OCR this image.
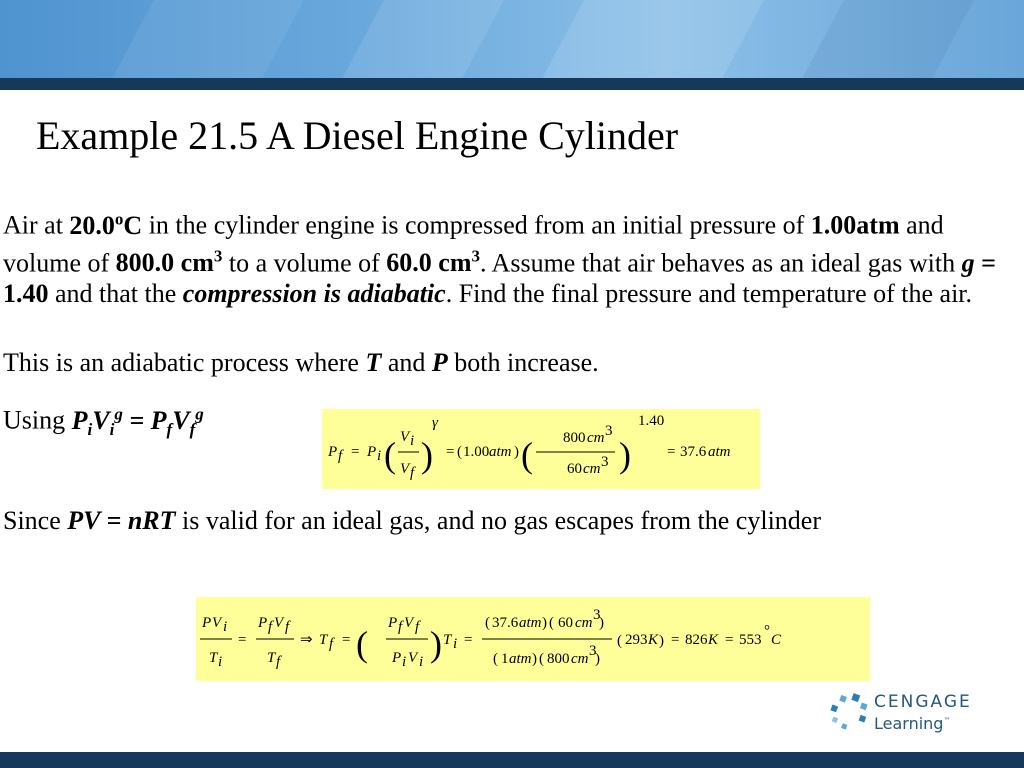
Example 21.5 A Diesel Engine Cylinder

Air at 20.0$^o$C in the cylinder engine is compressed from an initial pressure of 1.00atm and volume of 800.0 $cm^3$ to a volume of 60.0 $cm^3$. Assume that air behaves as an ideal gas with g = 1.40 and that the compression is adiabatic. Find the final pressure and temperature of the air.

This is an adiabatic process where T and P both increase.

Using $P_iV_i^g = P_fV_f^g$

Since PV = nRT is valid for an ideal gas, and no gas escapes from the cylinder

P f P i
= ( V i
V f )
γ
= ( 1.00 atm ) ( 800 cm 3
60 cm 3 )
1.40
= 37.6 atm
P V i
T i
=
P f V f
T f
⇒ T f = (
P f V f
P i V i ) T i =
( 37.6 atm ) ( 60 cm 3
)
( 1 atm ) ( 800 cm 3
)
( 293 K ) = 826 K = 553
°
C
CENGAGE
Learning™
